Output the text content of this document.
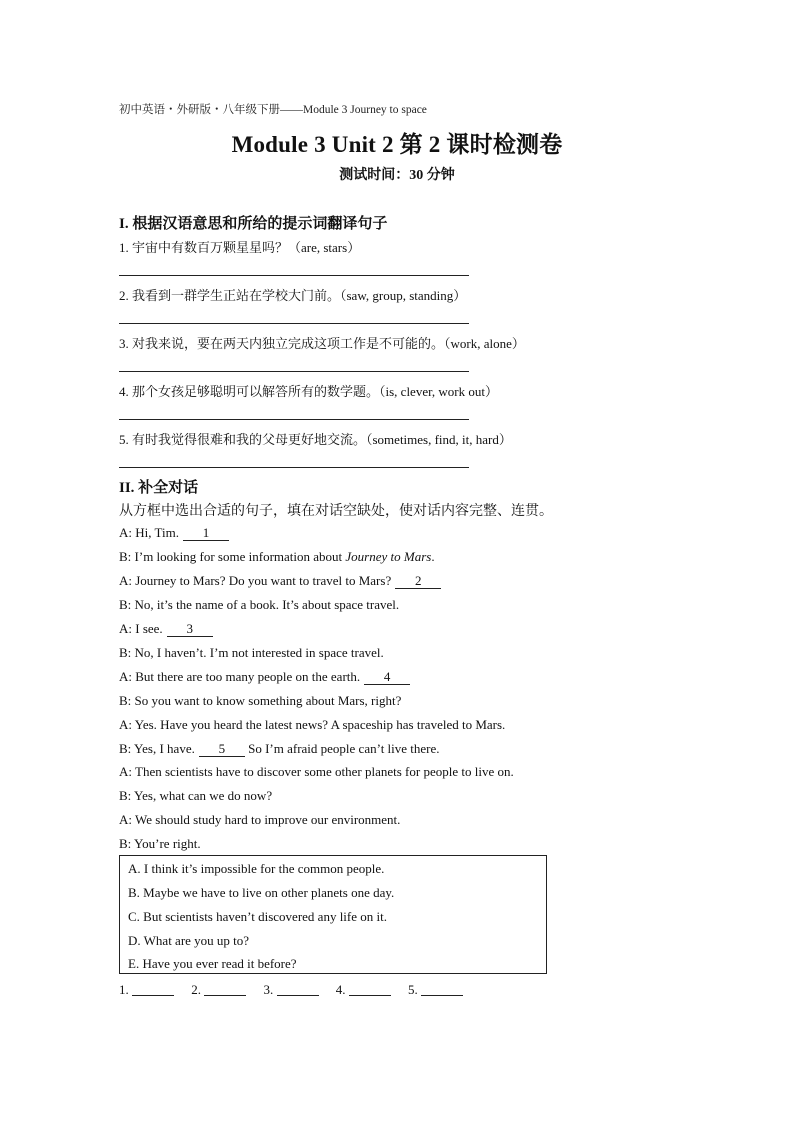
初中英语・外研版・八年级下册——Module 3 Journey to space
Module 3 Unit 2 第 2 课时检测卷
测试时间：30 分钟
I. 根据汉语意思和所给的提示词翻译句子
1. 宇宙中有数百万颗星星吗？（are, stars）
2. 我看到一群学生正站在学校大门前。（saw, group, standing）
3. 对我来说，要在两天内独立完成这项工作是不可能的。（work, alone）
4. 那个女孩足够聪明可以解答所有的数学题。（is, clever, work out）
5. 有时我觉得很难和我的父母更好地交流。（sometimes, find, it, hard）
II. 补全对话
从方框中选出合适的句子，填在对话空缺处，使对话内容完整、连贯。
A: Hi, Tim. 1
B: I’m looking for some information about Journey to Mars.
A: Journey to Mars? Do you want to travel to Mars? 2
B: No, it’s the name of a book. It’s about space travel.
A: I see. 3
B: No, I haven’t. I’m not interested in space travel.
A: But there are too many people on the earth. 4
B: So you want to know something about Mars, right?
A: Yes. Have you heard the latest news? A spaceship has traveled to Mars.
B: Yes, I have. 5 So I’m afraid people can’t live there.
A: Then scientists have to discover some other planets for people to live on.
B: Yes, what can we do now?
A: We should study hard to improve our environment.
B: You’re right.
A. I think it’s impossible for the common people.
B. Maybe we have to live on other planets one day.
C. But scientists haven’t discovered any life on it.
D. What are you up to?
E. Have you ever read it before?
1.	2.	3.	4.	5.
